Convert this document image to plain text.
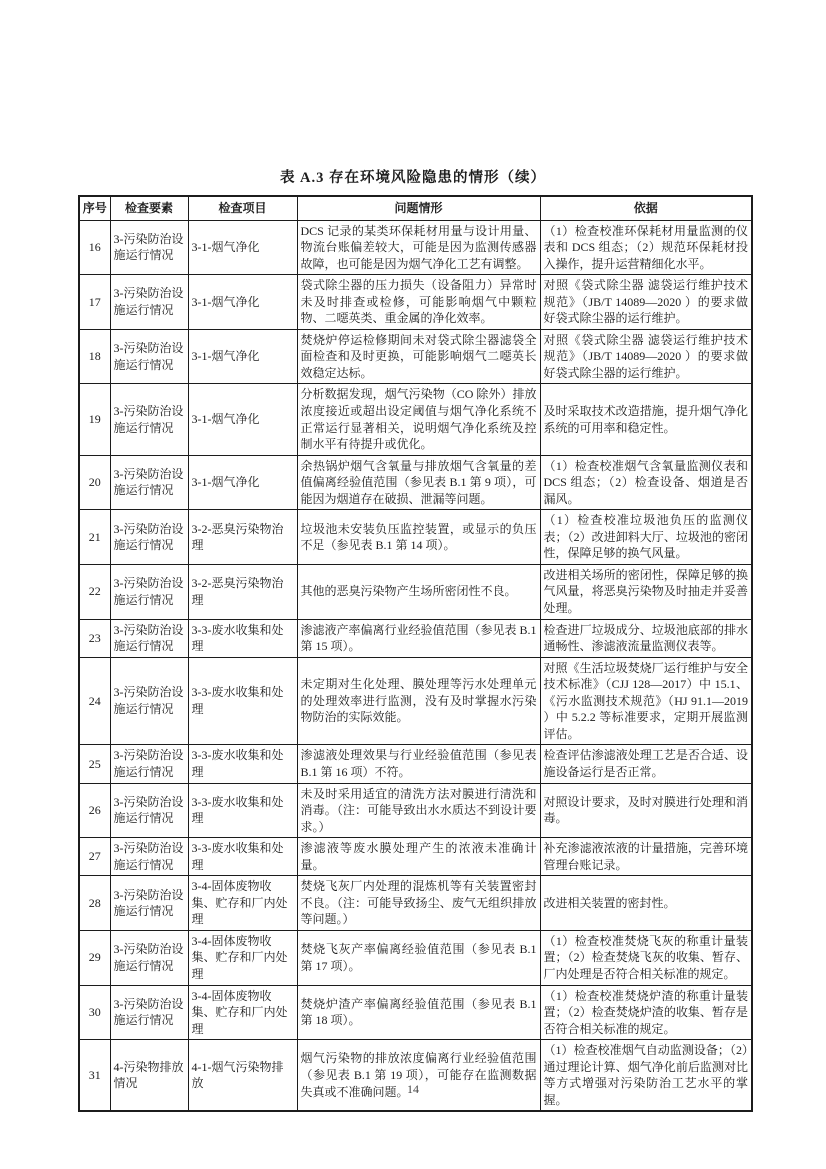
表 A.3 存在环境风险隐患的情形（续）
序号	检查要素	检查项目	问题情形	依据
16	3-污染防治设施运行情况	3-1-烟气净化	DCS 记录的某类环保耗材用量与设计用量、物流台账偏差较大，可能是因为监测传感器故障，也可能是因为烟气净化工艺有调整。	（1）检查校准环保耗材用量监测的仪表和 DCS 组态；（2）规范环保耗材投入操作，提升运营精细化水平。
17	3-污染防治设施运行情况	3-1-烟气净化	袋式除尘器的压力损失（设备阻力）异常时未及时排查或检修，可能影响烟气中颗粒物、二噁英类、重金属的净化效率。	对照《袋式除尘器 滤袋运行维护技术规范》（JB/T 14089—2020 ）的要求做好袋式除尘器的运行维护。
18	3-污染防治设施运行情况	3-1-烟气净化	焚烧炉停运检修期间未对袋式除尘器滤袋全面检查和及时更换，可能影响烟气二噁英长效稳定达标。	对照《袋式除尘器 滤袋运行维护技术规范》（JB/T 14089—2020 ）的要求做好袋式除尘器的运行维护。
19	3-污染防治设施运行情况	3-1-烟气净化	分析数据发现，烟气污染物（CO 除外）排放浓度接近或超出设定阈值与烟气净化系统不正常运行显著相关，说明烟气净化系统及控制水平有待提升或优化。	及时采取技术改造措施，提升烟气净化系统的可用率和稳定性。
20	3-污染防治设施运行情况	3-1-烟气净化	余热锅炉烟气含氧量与排放烟气含氧量的差值偏离经验值范围（参见表 B.1 第 9 项），可能因为烟道存在破损、泄漏等问题。	（1）检查校准烟气含氧量监测仪表和 DCS 组态；（2）检查设备、烟道是否漏风。
21	3-污染防治设施运行情况	3-2-恶臭污染物治理	垃圾池未安装负压监控装置，或显示的负压不足（参见表 B.1 第 14 项）。	（1）检查校准垃圾池负压的监测仪表；（2）改进卸料大厅、垃圾池的密闭性，保障足够的换气风量。
22	3-污染防治设施运行情况	3-2-恶臭污染物治理	其他的恶臭污染物产生场所密闭性不良。	改进相关场所的密闭性，保障足够的换气风量，将恶臭污染物及时抽走并妥善处理。
23	3-污染防治设施运行情况	3-3-废水收集和处理	渗滤液产率偏离行业经验值范围（参见表 B.1 第 15 项）。	检查进厂垃圾成分、垃圾池底部的排水通畅性、渗滤液流量监测仪表等。
24	3-污染防治设施运行情况	3-3-废水收集和处理	未定期对生化处理、膜处理等污水处理单元的处理效率进行监测，没有及时掌握水污染物防治的实际效能。	对照《生活垃圾焚烧厂运行维护与安全技术标准》（CJJ 128—2017）中 15.1、《污水监测技术规范》（HJ 91.1—2019 ）中 5.2.2 等标准要求，定期开展监测评估。
25	3-污染防治设施运行情况	3-3-废水收集和处理	渗滤液处理效果与行业经验值范围（参见表 B.1 第 16 项）不符。	检查评估渗滤液处理工艺是否合适、设施设备运行是否正常。
26	3-污染防治设施运行情况	3-3-废水收集和处理	未及时采用适宜的清洗方法对膜进行清洗和消毒。（注：可能导致出水水质达不到设计要求。）	对照设计要求，及时对膜进行处理和消毒。
27	3-污染防治设施运行情况	3-3-废水收集和处理	渗滤液等废水膜处理产生的浓液未准确计量。	补充渗滤液浓液的计量措施，完善环境管理台账记录。
28	3-污染防治设施运行情况	3-4-固体废物收集、贮存和厂内处理	焚烧飞灰厂内处理的混炼机等有关装置密封不良。（注：可能导致扬尘、废气无组织排放等问题。）	改进相关装置的密封性。
29	3-污染防治设施运行情况	3-4-固体废物收集、贮存和厂内处理	焚烧飞灰产率偏离经验值范围（参见表 B.1 第 17 项）。	（1）检查校准焚烧飞灰的称重计量装置；（2）检查焚烧飞灰的收集、暂存、厂内处理是否符合相关标准的规定。
30	3-污染防治设施运行情况	3-4-固体废物收集、贮存和厂内处理	焚烧炉渣产率偏离经验值范围（参见表 B.1 第 18 项）。	（1）检查校准焚烧炉渣的称重计量装置；（2）检查焚烧炉渣的收集、暂存是否符合相关标准的规定。
31	4-污染物排放情况	4-1-烟气污染物排放	烟气污染物的排放浓度偏离行业经验值范围（参见表 B.1 第 19 项），可能存在监测数据失真或不准确问题。	（1）检查校准烟气自动监测设备；（2）通过理论计算、烟气净化前后监测对比等方式增强对污染防治工艺水平的掌握。
14
